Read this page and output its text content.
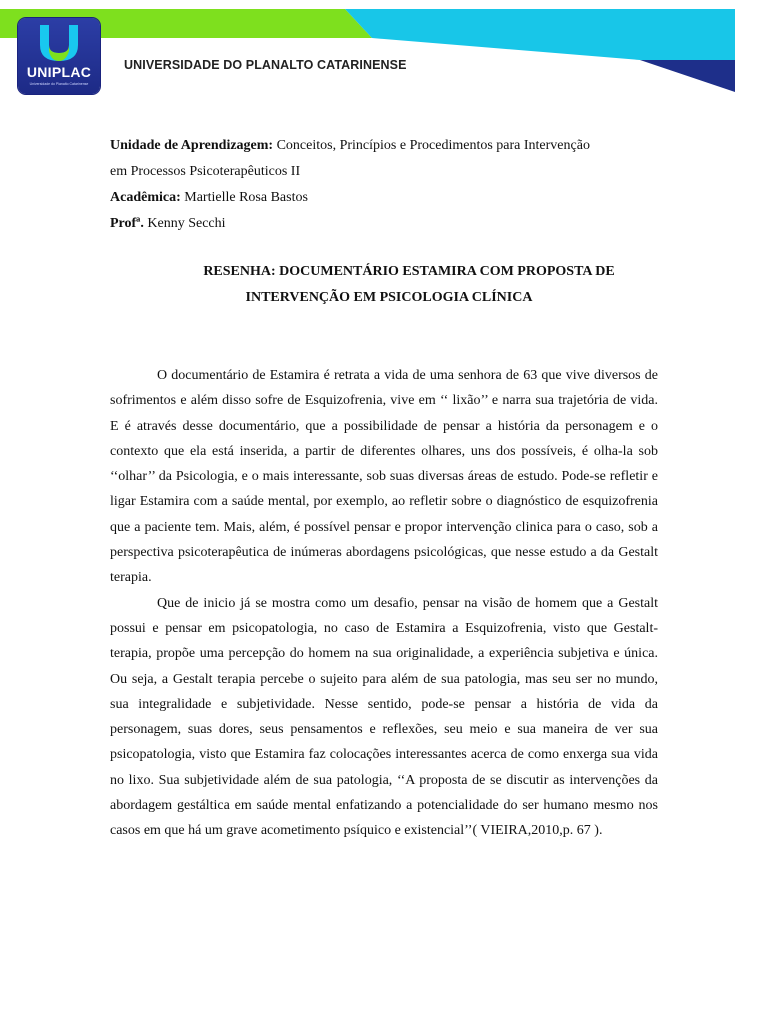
UNIPLAC
Universidade do Planalto Catarinense
UNIVERSIDADE DO PLANALTO CATARINENSE

Unidade de Aprendizagem: Conceitos, Princípios e Procedimentos para Intervenção

em Processos Psicoterapêuticos II

Acadêmica: Martielle Rosa Bastos

Profª. Kenny Secchi

RESENHA: DOCUMENTÁRIO ESTAMIRA COM PROPOSTA DE
INTERVENÇÃO EM PSICOLOGIA CLÍNICA

O documentário de Estamira é retrata a vida de uma senhora de 63 que vive diversos de sofrimentos e além disso sofre de Esquizofrenia, vive em ‘‘ lixão’’ e narra sua trajetória de vida. E é através desse documentário, que a possibilidade de pensar a história da personagem e o contexto que ela está inserida, a partir de diferentes olhares, uns dos possíveis, é olha-la sob ‘‘olhar’’ da Psicologia, e o mais interessante, sob suas diversas áreas de estudo. Pode-se refletir e ligar Estamira com a saúde mental, por exemplo, ao refletir sobre o diagnóstico de esquizofrenia que a paciente tem. Mais, além, é possível pensar e propor intervenção clinica para o caso, sob a perspectiva psicoterapêutica de inúmeras abordagens psicológicas, que nesse estudo a da Gestalt terapia.

Que de inicio já se mostra como um desafio, pensar na visão de homem que a Gestalt possui e pensar em psicopatologia, no caso de Estamira a Esquizofrenia, visto que Gestalt-terapia, propõe uma percepção do homem na sua originalidade, a experiência subjetiva e única. Ou seja, a Gestalt terapia percebe o sujeito para além de sua patologia, mas seu ser no mundo, sua integralidade e subjetividade. Nesse sentido, pode-se pensar a história de vida da personagem, suas dores, seus pensamentos e reflexões, seu meio e sua maneira de ver sua psicopatologia, visto que Estamira faz colocações interessantes acerca de como enxerga sua vida no lixo. Sua subjetividade além de sua patologia, ‘‘A proposta de se discutir as intervenções da abordagem gestáltica em saúde mental enfatizando a potencialidade do ser humano mesmo nos casos em que há um grave acometimento psíquico e existencial’’( VIEIRA,2010,p. 67 ).
